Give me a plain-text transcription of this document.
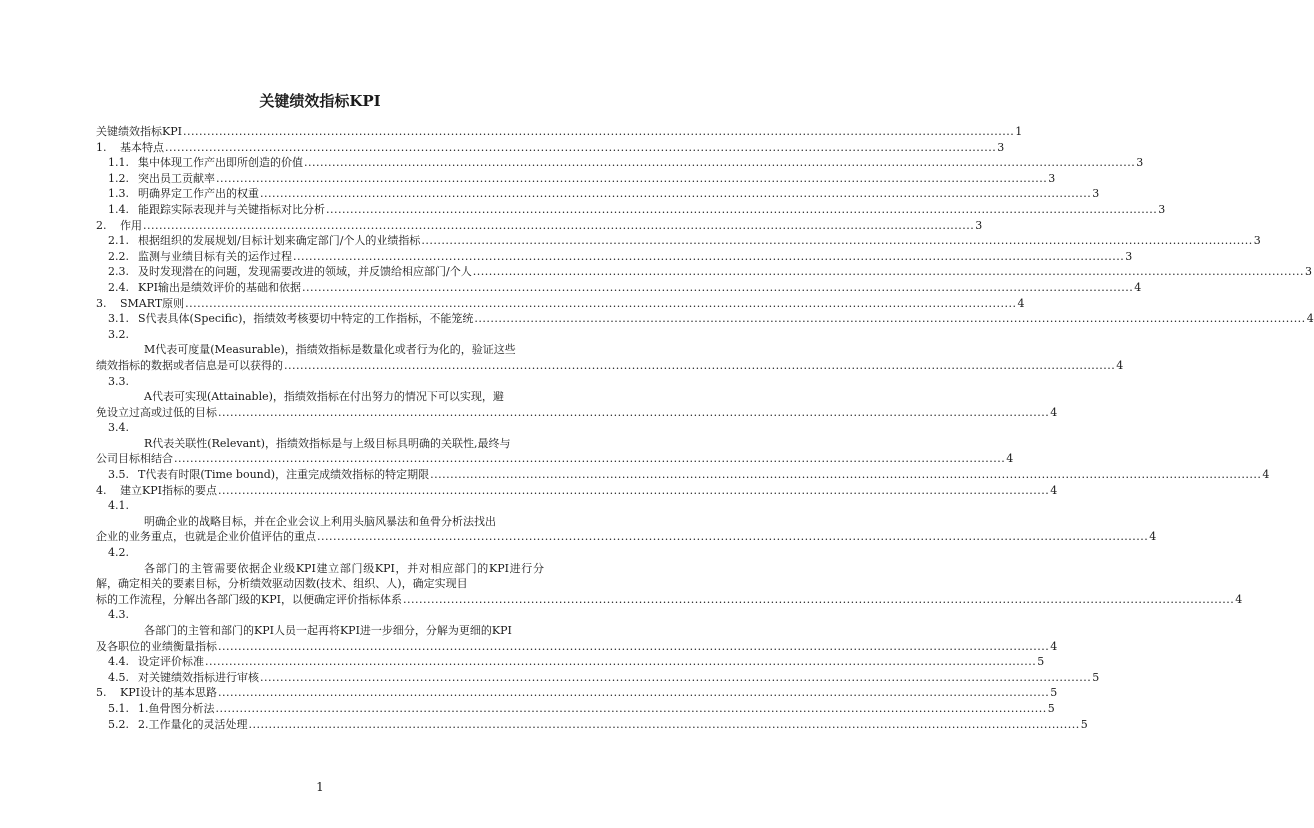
关键绩效指标KPI
关键绩效指标KPI .....	1
1.	基本特点 .....	3
1.1. 集中体现工作产出即所创造的价值 .....	3
1.2. 突出员工贡献率 .....	3
1.3. 明确界定工作产出的权重 .....	3
1.4. 能跟踪实际表现并与关键指标对比分析 .....	3
2.	作用 .....	3
2.1. 根据组织的发展规划/目标计划来确定部门/个人的业绩指标 .....	3
2.2. 监测与业绩目标有关的运作过程 .....	3
2.3. 及时发现潜在的问题，发现需要改进的领域，并反馈给相应部门/个人 .....	3
2.4. KPI输出是绩效评价的基础和依据 .....	4
3.	SMART原则 .....	4
3.1. S代表具体(Specific)，指绩效考核要切中特定的工作指标，不能笼统 .....	4
3.2.
M代表可度量(Measurable)，指绩效指标是数量化或者行为化的，验证这些
绩效指标的数据或者信息是可以获得的 .....	4
3.3.
A代表可实现(Attainable)，指绩效指标在付出努力的情况下可以实现，避
免设立过高或过低的目标 .....	4
3.4.
R代表关联性(Relevant)，指绩效指标是与上级目标具明确的关联性,最终与
公司目标相结合 .....	4
3.5. T代表有时限(Time bound)，注重完成绩效指标的特定期限 .....	4
4.	建立KPI指标的要点 .....	4
4.1.
明确企业的战略目标，并在企业会议上利用头脑风暴法和鱼骨分析法找出
企业的业务重点，也就是企业价值评估的重点 .....	4
4.2.
各部门的主管需要依据企业级KPI建立部门级KPI，并对相应部门的KPI进行分解，确定相关的要素目标，分析绩效驱动因数(技术、组织、人)，确定实现目
标的工作流程，分解出各部门级的KPI，以便确定评价指标体系 .....	4
4.3.
各部门的主管和部门的KPI人员一起再将KPI进一步细分，分解为更细的KPI
及各职位的业绩衡量指标 .....	4
4.4. 设定评价标准 .....	5
4.5. 对关键绩效指标进行审核 .....	5
5.	KPI设计的基本思路 .....	5
5.1. 1.鱼骨图分析法 .....	5
5.2. 2.工作量化的灵活处理 .....	5
1
